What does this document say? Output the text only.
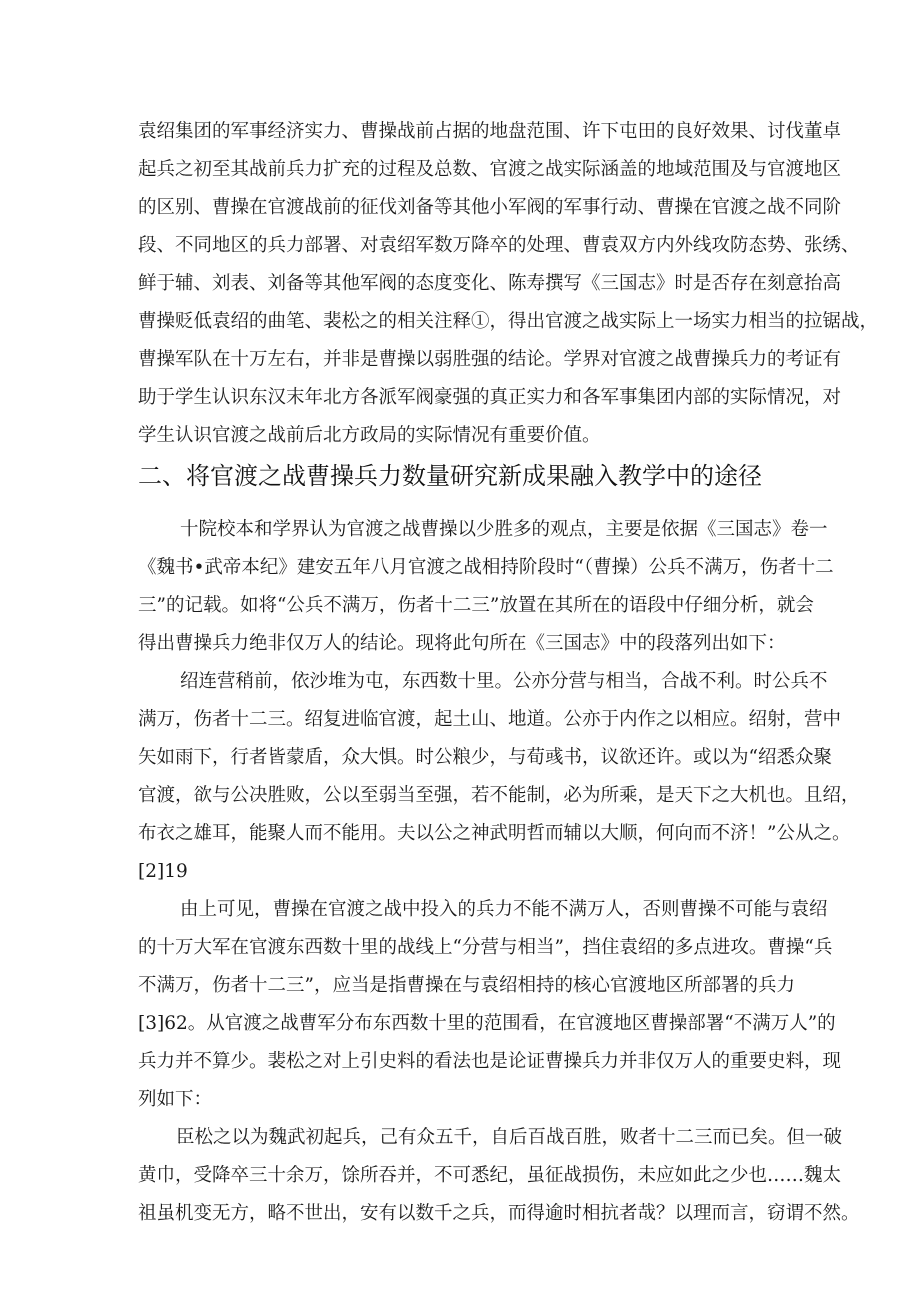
袁绍集团的军事经济实力、曹操战前占据的地盘范围、许下屯田的良好效果、讨伐董卓
起兵之初至其战前兵力扩充的过程及总数、官渡之战实际涵盖的地域范围及与官渡地区
的区别、曹操在官渡战前的征伐刘备等其他小军阀的军事行动、曹操在官渡之战不同阶
段、不同地区的兵力部署、对袁绍军数万降卒的处理、曹袁双方内外线攻防态势、张绣、
鲜于辅、刘表、刘备等其他军阀的态度变化、陈寿撰写《三国志》时是否存在刻意抬高
曹操贬低袁绍的曲笔、裴松之的相关注释①，得出官渡之战实际上一场实力相当的拉锯战，
曹操军队在十万左右，并非是曹操以弱胜强的结论。学界对官渡之战曹操兵力的考证有
助于学生认识东汉末年北方各派军阀豪强的真正实力和各军事集团内部的实际情况，对
学生认识官渡之战前后北方政局的实际情况有重要价值。
二、将官渡之战曹操兵力数量研究新成果融入教学中的途径
十院校本和学界认为官渡之战曹操以少胜多的观点，主要是依据《三国志》卷一
《魏书•武帝本纪》建安五年八月官渡之战相持阶段时“（曹操）公兵不满万，伤者十二
三”的记载。如将“公兵不满万，伤者十二三”放置在其所在的语段中仔细分析，就会
得出曹操兵力绝非仅万人的结论。现将此句所在《三国志》中的段落列出如下：
绍连营稍前，依沙堆为屯，东西数十里。公亦分营与相当，合战不利。时公兵不
满万，伤者十二三。绍复进临官渡，起土山、地道。公亦于内作之以相应。绍射，营中
矢如雨下，行者皆蒙盾，众大惧。时公粮少，与荀彧书，议欲还许。或以为“绍悉众聚
官渡，欲与公决胜败，公以至弱当至强，若不能制，必为所乘，是天下之大机也。且绍，
布衣之雄耳，能聚人而不能用。夫以公之神武明哲而辅以大顺，何向而不济！”公从之。
[2]19
由上可见，曹操在官渡之战中投入的兵力不能不满万人，否则曹操不可能与袁绍
的十万大军在官渡东西数十里的战线上“分营与相当”，挡住袁绍的多点进攻。曹操“兵
不满万，伤者十二三”，应当是指曹操在与袁绍相持的核心官渡地区所部署的兵力
[3]62。从官渡之战曹军分布东西数十里的范围看，在官渡地区曹操部署“不满万人”的
兵力并不算少。裴松之对上引史料的看法也是论证曹操兵力并非仅万人的重要史料，现
列如下：
臣松之以为魏武初起兵，己有众五千，自后百战百胜，败者十二三而已矣。但一破
黄巾，受降卒三十余万，馀所吞并，不可悉纪，虽征战损伤，未应如此之少也……魏太
祖虽机变无方，略不世出，安有以数千之兵，而得逾时相抗者哉？以理而言，窃谓不然。
